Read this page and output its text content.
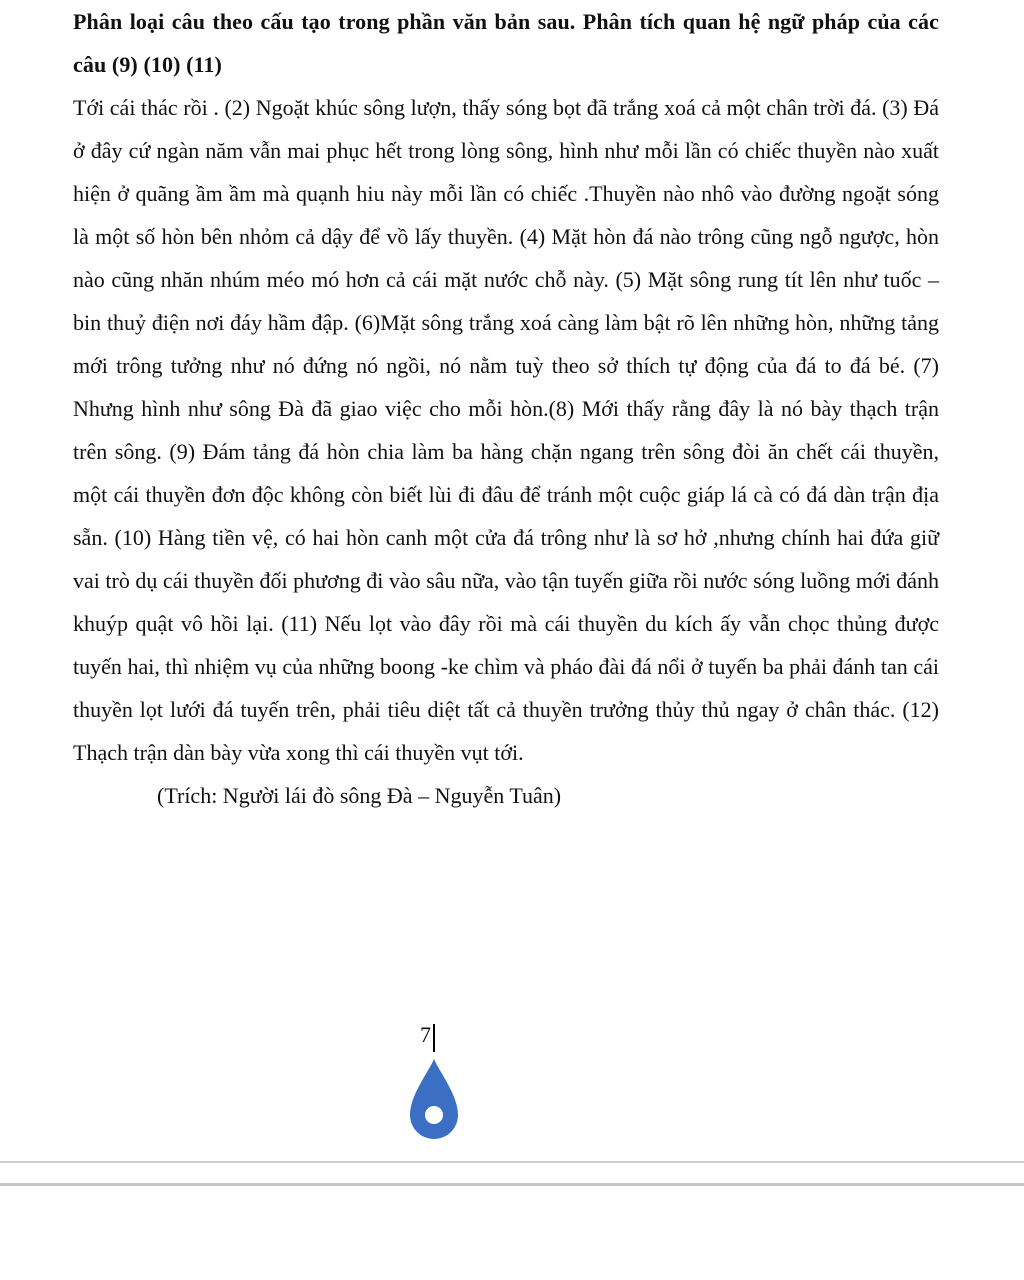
Phân loại câu theo cấu tạo trong phần văn bản sau. Phân tích quan hệ ngữ pháp của các câu (9) (10) (11)

Tới cái thác rồi . (2) Ngoặt khúc sông lượn, thấy sóng bọt đã trắng xoá cả một chân trời đá. (3) Đá ở đây cứ ngàn năm vẫn mai phục hết trong lòng sông, hình như mỗi lần có chiếc thuyền nào xuất hiện ở quãng ầm ầm mà quạnh hiu này mỗi lần có chiếc .Thuyền nào nhô vào đường ngoặt sóng là một số hòn bên nhỏm cả dậy để vồ lấy thuyền. (4) Mặt hòn đá nào trông cũng ngỗ ngược, hòn nào cũng nhăn nhúm méo mó hơn cả cái mặt nước chỗ này. (5) Mặt sông rung tít lên như tuốc – bin thuỷ điện nơi đáy hầm đập. (6)Mặt sông trắng xoá càng làm bật rõ lên những hòn, những tảng mới trông tưởng như nó đứng nó ngồi, nó nằm tuỳ theo sở thích tự động của đá to đá bé. (7) Nhưng hình như sông Đà đã giao việc cho mỗi hòn.(8) Mới thấy rằng đây là nó bày thạch trận trên sông. (9) Đám tảng đá hòn chia làm ba hàng chặn ngang trên sông đòi ăn chết cái thuyền, một cái thuyền đơn độc không còn biết lùi đi đâu để tránh một cuộc giáp lá cà có đá dàn trận địa sẵn. (10) Hàng tiền vệ, có hai hòn canh một cửa đá trông như là sơ hở ,nhưng chính hai đứa giữ vai trò dụ cái thuyền đối phương đi vào sâu nữa, vào tận tuyến giữa rồi nước sóng luồng mới đánh khuýp quật vô hồi lại. (11) Nếu lọt vào đây rồi mà cái thuyền du kích ấy vẫn chọc thủng được tuyến hai, thì nhiệm vụ của những boong -ke chìm và pháo đài đá nổi ở tuyến ba phải đánh tan cái thuyền lọt lưới đá tuyến trên, phải tiêu diệt tất cả thuyền trưởng thủy thủ ngay ở chân thác. (12) Thạch trận dàn bày vừa xong thì cái thuyền vụt tới.

(Trích: Người lái đò sông Đà – Nguyễn Tuân)

7
